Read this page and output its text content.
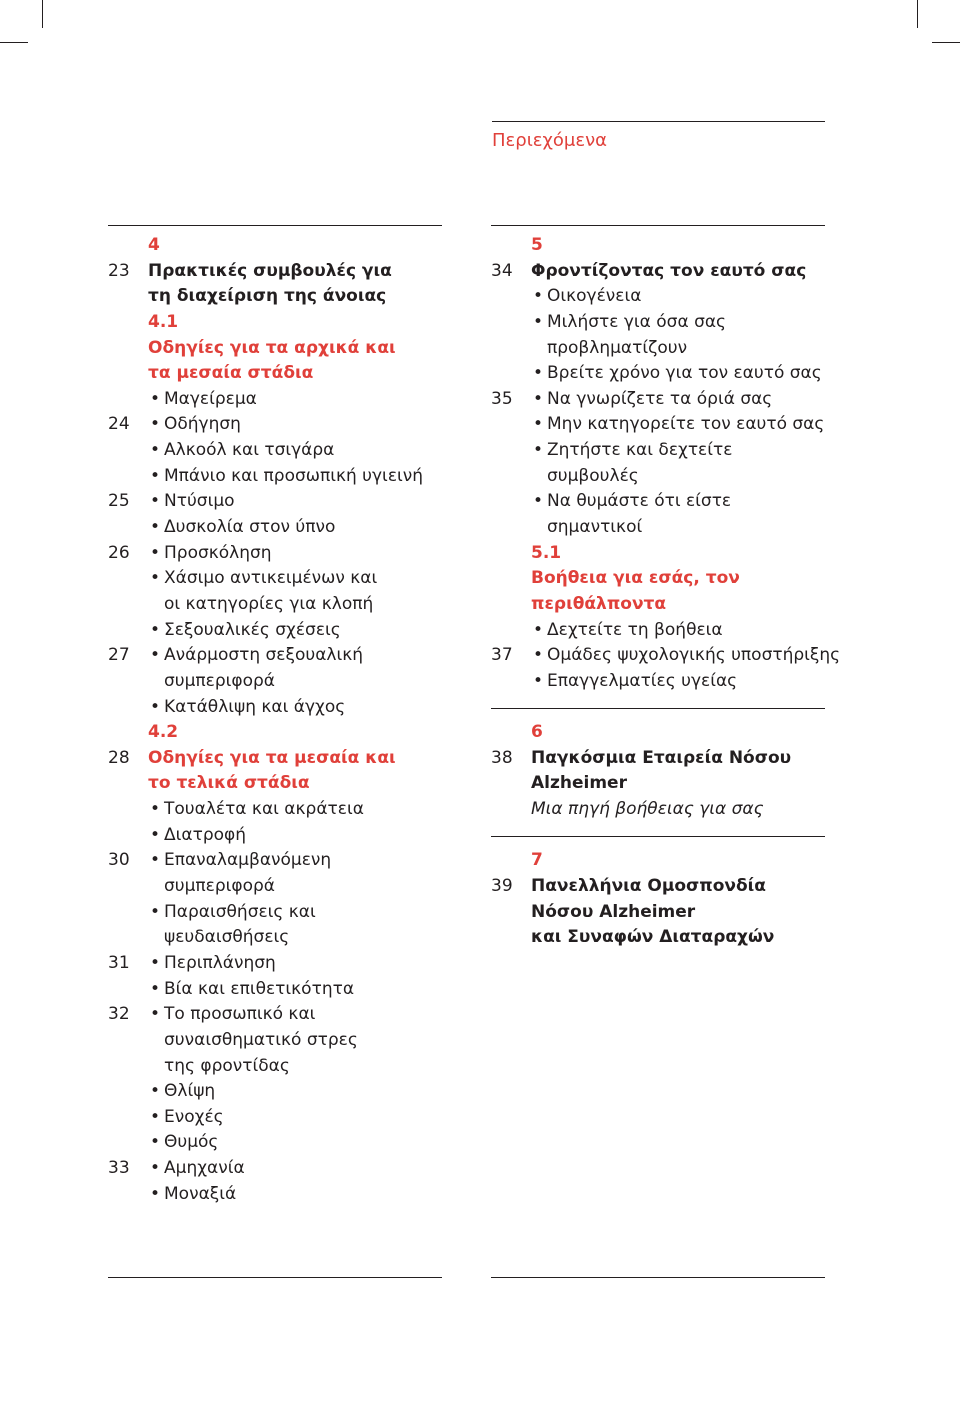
Περιεχόμενα
4
23 Πρακτικές συμβουλές για
τη διαχείριση της άνοιας
4.1
Οδηγίες για τα αρχικά και
τα μεσαία στάδια
• Μαγείρεμα
24 • Οδήγηση
• Αλκοόλ και τσιγάρα
• Μπάνιο και προσωπική υγιεινή
25 • Ντύσιμο
• Δυσκολία στον ύπνο
26 • Προσκόληση
• Χάσιμο αντικειμένων και
οι κατηγορίες για κλοπή
• Σεξουαλικές σχέσεις
27 • Ανάρμοστη σεξουαλική
συμπεριφορά
• Κατάθλιψη και άγχος
4.2
28 Οδηγίες για τα μεσαία και
το τελικά στάδια
• Τουαλέτα και ακράτεια
• Διατροφή
30 • Επαναλαμβανόμενη
συμπεριφορά
• Παραισθήσεις και
ψευδαισθήσεις
31 • Περιπλάνηση
• Βία και επιθετικότητα
32 • Το προσωπικό και
συναισθηματικό στρες
της φροντίδας
• Θλίψη
• Ενοχές
• Θυμός
33 • Αμηχανία
• Μοναξιά
5
34 Φροντίζοντας τον εαυτό σας
• Οικογένεια
• Μιλήστε για όσα σας
προβληματίζουν
• Βρείτε χρόνο για τον εαυτό σας
35 • Να γνωρίζετε τα όριά σας
• Μην κατηγορείτε τον εαυτό σας
• Ζητήστε και δεχτείτε
συμβουλές
• Να θυμάστε ότι είστε
σημαντικοί
5.1
Βοήθεια για εσάς, τον
περιθάλποντα
• Δεχτείτε τη βοήθεια
37 • Ομάδες ψυχολογικής υποστήριξης
• Επαγγελματίες υγείας
6
38 Παγκόσμια Εταιρεία Νόσου
Alzheimer
Μια πηγή βοήθειας για σας
7
39 Πανελλήνια Ομοσπονδία
Νόσου Alzheimer
και Συναφών Διαταραχών
